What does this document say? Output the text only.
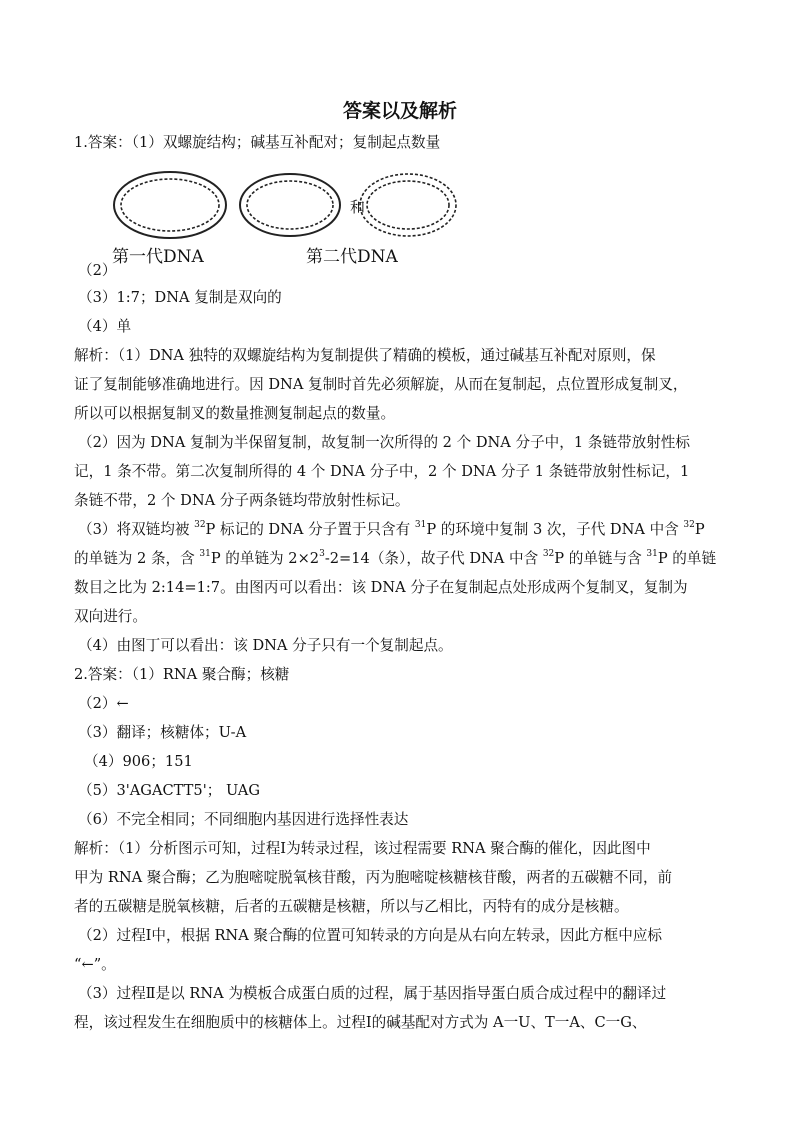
答案以及解析
1.答案：（1）双螺旋结构；碱基互补配对；复制起点数量
和
第一代DNA	第二代DNA
（2）
（3）1:7；DNA 复制是双向的
（4）单
解析：（1）DNA 独特的双螺旋结构为复制提供了精确的模板，通过碱基互补配对原则，保
证了复制能够准确地进行。因 DNA 复制时首先必须解旋，从而在复制起，点位置形成复制叉，
所以可以根据复制叉的数量推测复制起点的数量。
（2）因为 DNA 复制为半保留复制，故复制一次所得的 2 个 DNA 分子中，1 条链带放射性标
记，1 条不带。第二次复制所得的 4 个 DNA 分子中，2 个 DNA 分子 1 条链带放射性标记，1
条链不带，2 个 DNA 分子两条链均带放射性标记。
（3）将双链均被 $^{32}$P 标记的 DNA 分子置于只含有 $^{31}$P 的环境中复制 3 次，子代 DNA 中含 $^{32}$P
的单链为 2 条，含 $^{31}$P 的单链为 $2\times 2^3-2=14$（条），故子代 DNA 中含 $^{32}$P 的单链与含 $^{31}$P 的单链
数目之比为 2:14=1:7。由图丙可以看出：该 DNA 分子在复制起点处形成两个复制叉，复制为
双向进行。
（4）由图丁可以看出：该 DNA 分子只有一个复制起点。
2.答案：（1）RNA 聚合酶；核糖
（2）←
（3）翻译；核糖体；U-A
（4）906；151
（5）3'AGACTT5'； UAG
（6）不完全相同；不同细胞内基因进行选择性表达
解析：（1）分析图示可知，过程Ⅰ为转录过程，该过程需要 RNA 聚合酶的催化，因此图中
甲为 RNA 聚合酶；乙为胞嘧啶脱氧核苷酸，丙为胞嘧啶核糖核苷酸，两者的五碳糖不同，前
者的五碳糖是脱氧核糖，后者的五碳糖是核糖，所以与乙相比，丙特有的成分是核糖。
（2）过程Ⅰ中，根据 RNA 聚合酶的位置可知转录的方向是从右向左转录，因此方框中应标
“←”。
（3）过程Ⅱ是以 RNA 为模板合成蛋白质的过程，属于基因指导蛋白质合成过程中的翻译过
程，该过程发生在细胞质中的核糖体上。过程Ⅰ的碱基配对方式为 A一U、T一A、C一G、
